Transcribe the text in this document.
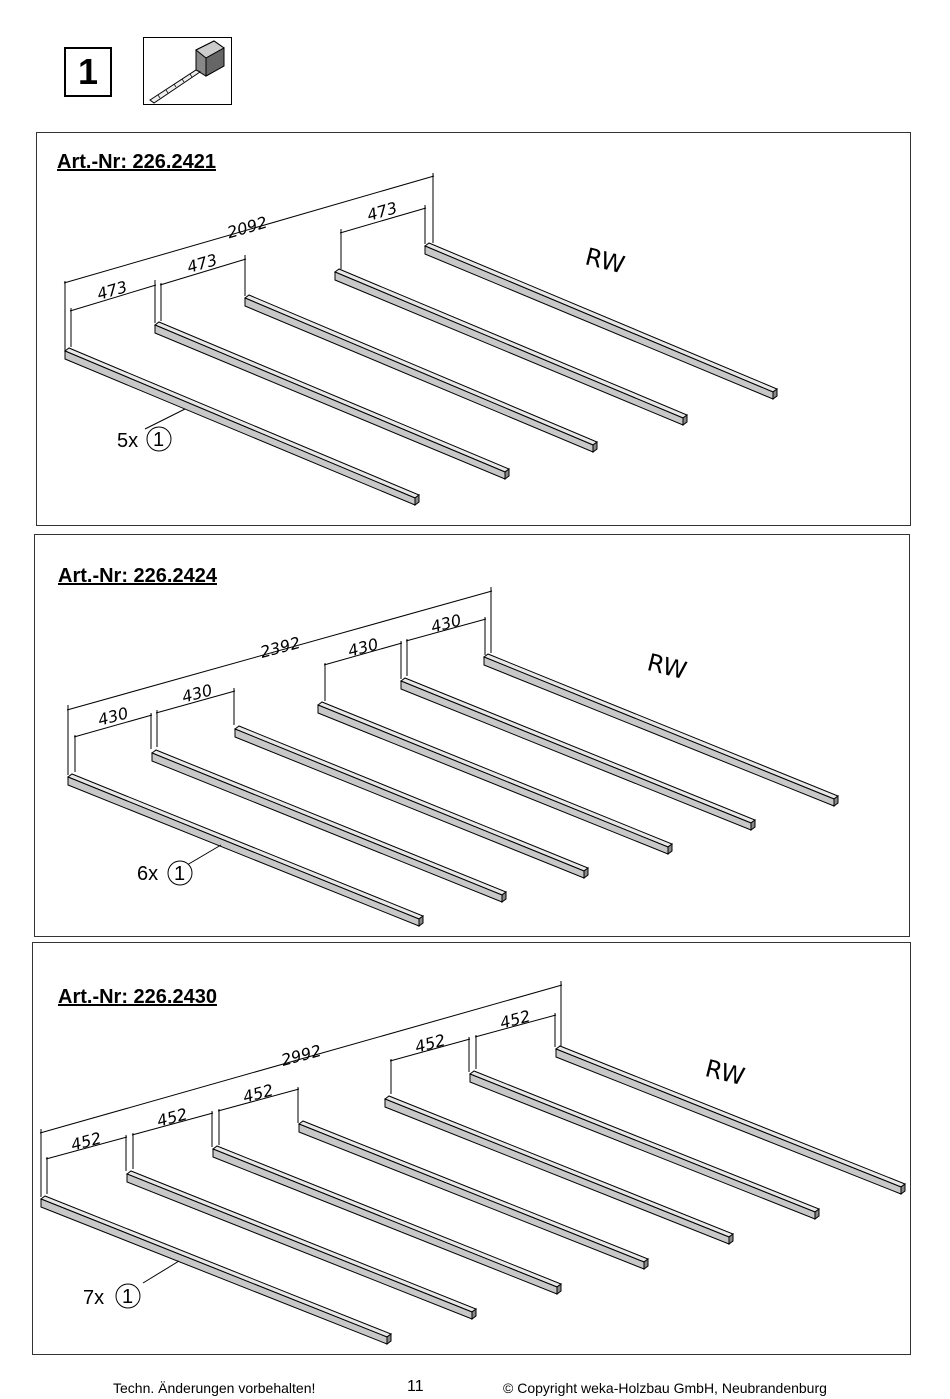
1
2092
473
473
473
RW
5x 1
Art.-Nr: 226.2421
2392
430
430
430
430
RW
6x 1
Art.-Nr: 226.2424
2992
452
452
452
452
452
RW
7x 1
Art.-Nr: 226.2430
Techn. Änderungen vorbehalten!	11	© Copyright weka-Holzbau GmbH, Neubrandenburg
